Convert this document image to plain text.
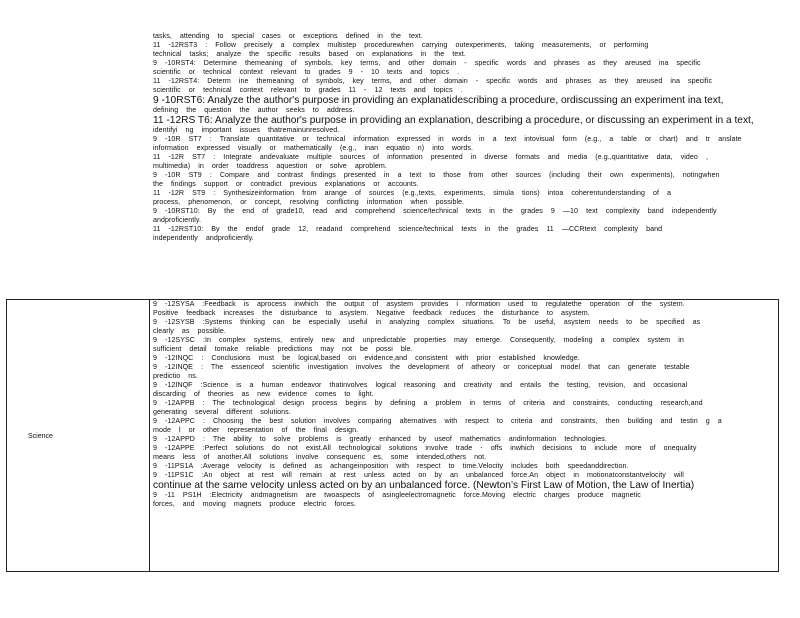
Science
tasks, attending to special cases or exceptions defined in the text.
11 -12RST3 : Follow precisely a complex multistep procedurewhen carrying outexperiments, taking measurements, or performing
technical tasks; analyze the specific results based on explanations in the text.
9 -10RST4: Determine themeaning of symbols, key terms, and other domain - specific words and phrases as they areused ina specific
scientific or technical context relevant to grades 9 - 10 texts and topics .
11 -12RST4: Determ ine themeaning of symbols, key terms, and other domain - specific words and phrases as they areused ina specific
scientific or technical context relevant to grades 11 - 12 texts and topics .
9 -10RST6: Analyze the author's purpose in providing an explanatidescribing a procedure, ordiscussing an experiment ina text,
defining the question the author seeks to address.
11 -12RS T6: Analyze the author's purpose in providing an explanation, describing a procedure, or discussing an experiment in a text,
identifyi ng important issues thatremainunresolved.
9 -10R ST7 : Translate quantitative or technical information expressed in words in a text intovisual form (e.g., a table or chart) and tr anslate
information expressed visually or mathematically (e.g., inan equatio n) into words.
11 -12R ST7 : Integrate andevaluate multiple sources of information presented in diverse formats and media (e.g.,quantitative data, video ,
multimedia) in order toaddress aquestion or solve aproblem.
9 -10R ST9 : Compare and contrast findings presented in a text to those from other sources (including their own experiments), notingwhen
the findings support or contradict previous explanations or accounts.
11 -12R ST9 : Synthesizeinformation from arange of sources (e.g.,texts, experiments, simula tions) intoa coherentunderstanding of a
process, phenomenon, or concept, resolving conflicting information when possible.
9 -10RST10: By the end of grade10, read and comprehend science/technical texts in the grades 9 —10 text complexity band independently
andproficiently.
11 -12RST10: By the endof grade 12, readand comprehend science/technical texts in the grades 11 —CCRtext complexity band
independently andproficiently.
9 -12SYSA :Feedback is aprocess inwhich the output of asystem provides i nformation used to regulatethe operation of the system.
Positive feedback increases the disturbance to asystem. Negative feedback reduces the disturbance to asystem.
9 -12SYSB :Systems thinking can be especially useful in analyzing complex situations. To be useful, asystem needs to be specified as
clearly as possible.
9 -12SYSC :In complex systems, entirely new and unpredictable properties may emerge. Consequently, modeling a complex system in
sufficient detail tomake reliable predictions may not be possi ble.
9 -12INQC : Conclusions must be logical,based on evidence,and consistent with prior established knowledge.
9 -12INQE : The essenceof scientific investigation involves the development of atheory or conceptual model that can generate testable
predictio ns.
9 -12INQF :Science is a human endeavor thatinvolves logical reasoning and creativity and entails the testing, revision, and occasional
discarding of theories as new evidence comes to light.
9 -12APPB : The technological design process begins by defining a problem in terms of criteria and constraints, conducting research,and
generating several different solutions.
9 -12APPC : Choosing the best solution involves comparing alternatives with respect to criteria and constraints, then building and testin g a
mode l or other representation of the final design.
9 -12APPD : The ability to solve problems is greatly enhanced by useof mathematics andinformation technologies.
9 -12APPE :Perfect solutions do not exist.All technological solutions involve trade - offs inwhich decisions to include more of onequality
means less of another.All solutions involve consequenc es, some intended,others not.
9 -11PS1A :Average velocity is defined as achangeinposition with respect to time.Velocity includes both speedanddirection.
9 -11PS1C :An object at rest will remain at rest unless acted on by an unbalanced force.An object in motionatconstantvelocity will
continue at the same velocity unless acted on by an unbalanced force. (Newton’s First Law of Motion, the Law of Inertia)
9 -11 PS1H :Electricity andmagnetism are twoaspects of asingleelectromagnetic force.Moving electric charges produce magnetic
forces, and moving magnets produce electric forces.
